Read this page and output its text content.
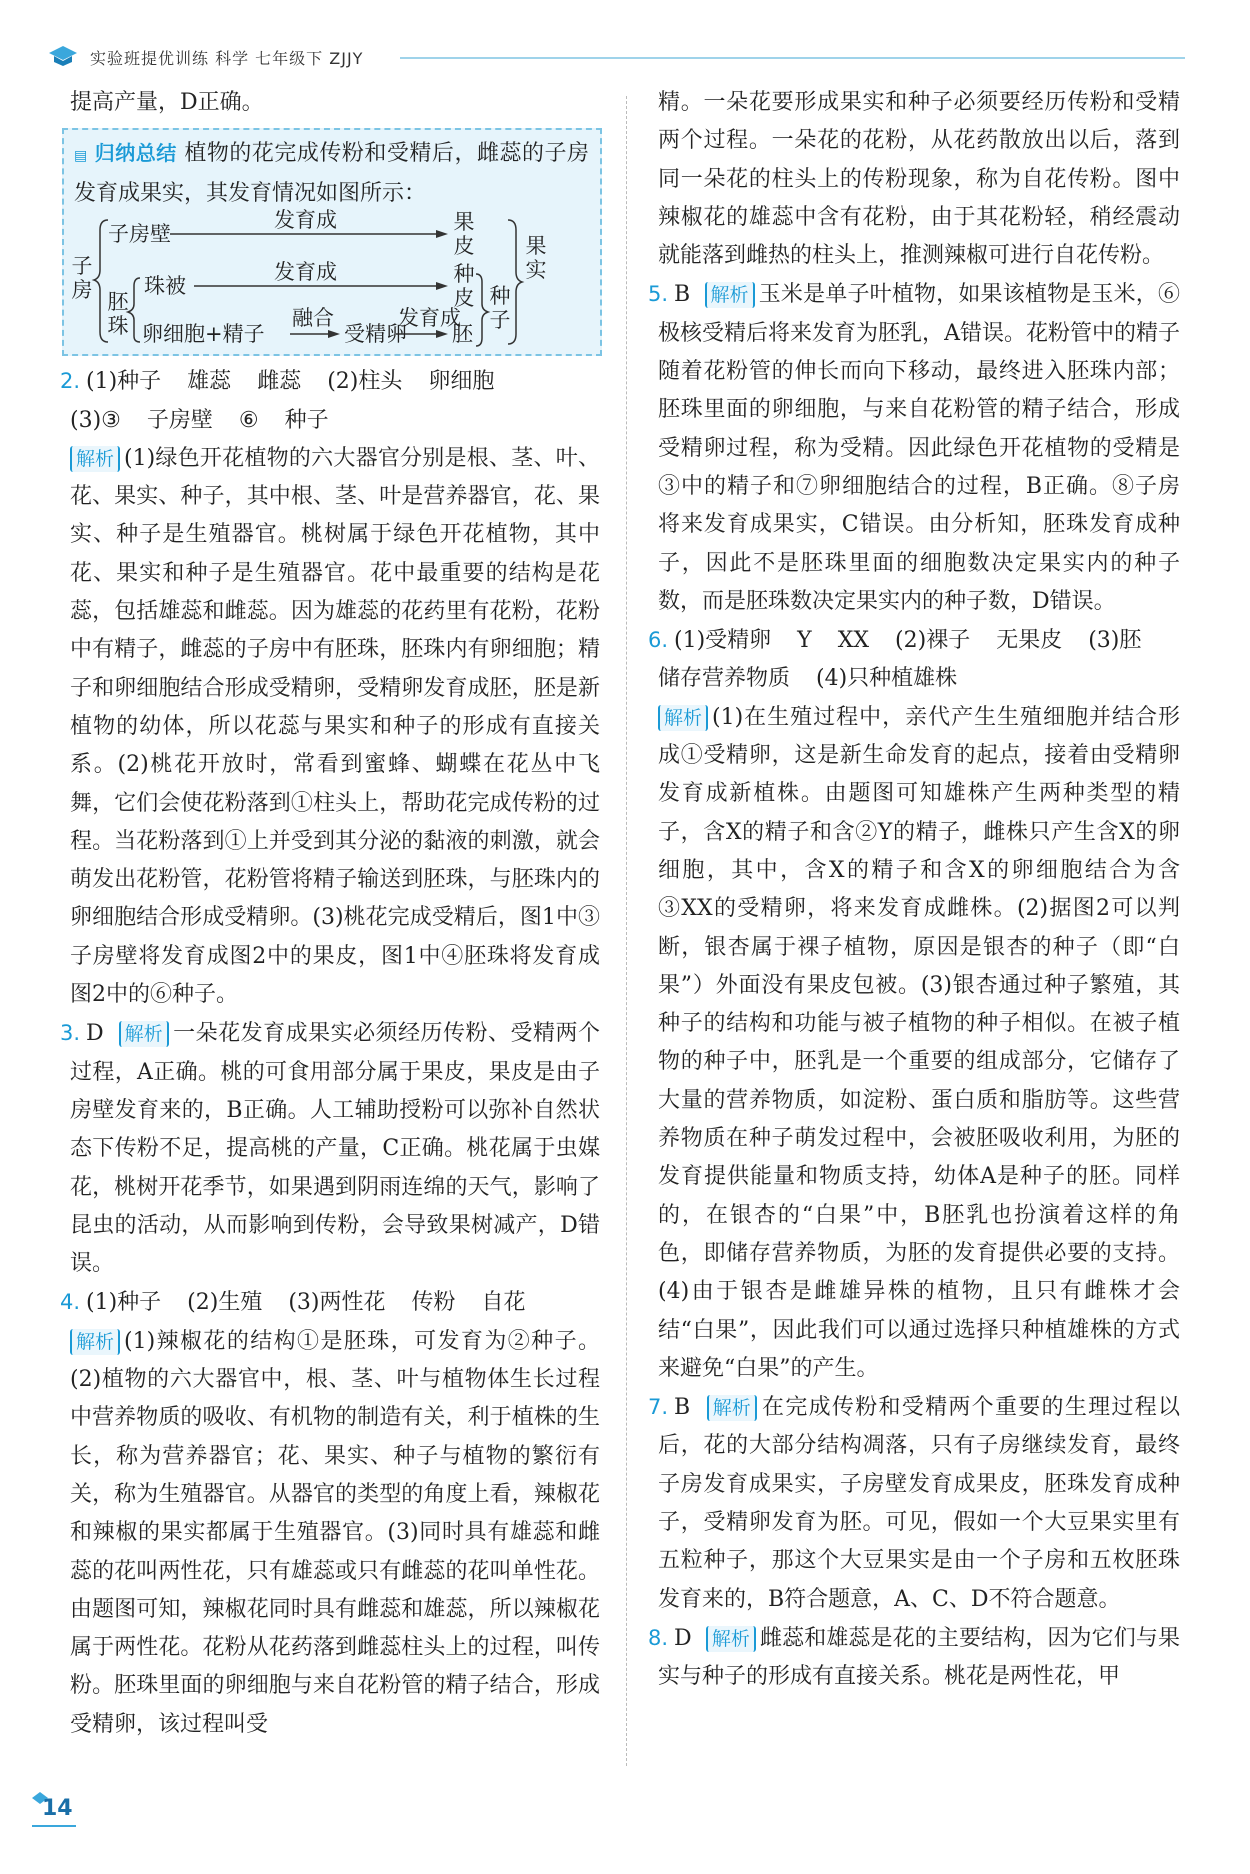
实验班提优训练 科学 七年级下 ZJJY

提高产量，D正确。

▤ 归纳总结 植物的花完成传粉和受精后，雌蕊的子房发育成果实，其发育情况如图所示：
子房
子房壁
发育成	果皮
胚珠
珠被
发育成	种皮
卵细胞+精子
融合
受精卵
发育成
胚
种子
果实

2. (1)种子 雄蕊 雌蕊 (2)柱头 卵细胞

(3)③ 子房壁 ⑥ 种子

解析 (1)绿色开花植物的六大器官分别是根、茎、叶、花、果实、种子，其中根、茎、叶是营养器官，花、果实、种子是生殖器官。桃树属于绿色开花植物，其中花、果实和种子是生殖器官。花中最重要的结构是花蕊，包括雄蕊和雌蕊。因为雄蕊的花药里有花粉，花粉中有精子，雌蕊的子房中有胚珠，胚珠内有卵细胞；精子和卵细胞结合形成受精卵，受精卵发育成胚，胚是新植物的幼体，所以花蕊与果实和种子的形成有直接关系。(2)桃花开放时，常看到蜜蜂、蝴蝶在花丛中飞舞，它们会使花粉落到①柱头上，帮助花完成传粉的过程。当花粉落到①上并受到其分泌的黏液的刺激，就会萌发出花粉管，花粉管将精子输送到胚珠，与胚珠内的卵细胞结合形成受精卵。(3)桃花完成受精后，图1中③子房壁将发育成图2中的果皮，图1中④胚珠将发育成图2中的⑥种子。

3. D 解析 一朵花发育成果实必须经历传粉、受精两个过程，A正确。桃的可食用部分属于果皮，果皮是由子房壁发育来的，B正确。人工辅助授粉可以弥补自然状态下传粉不足，提高桃的产量，C正确。桃花属于虫媒花，桃树开花季节，如果遇到阴雨连绵的天气，影响了昆虫的活动，从而影响到传粉，会导致果树减产，D错误。

4. (1)种子 (2)生殖 (3)两性花 传粉 自花

解析 (1)辣椒花的结构①是胚珠，可发育为②种子。(2)植物的六大器官中，根、茎、叶与植物体生长过程中营养物质的吸收、有机物的制造有关，利于植株的生长，称为营养器官；花、果实、种子与植物的繁衍有关，称为生殖器官。从器官的类型的角度上看，辣椒花和辣椒的果实都属于生殖器官。(3)同时具有雄蕊和雌蕊的花叫两性花，只有雄蕊或只有雌蕊的花叫单性花。由题图可知，辣椒花同时具有雌蕊和雄蕊，所以辣椒花属于两性花。花粉从花药落到雌蕊柱头上的过程，叫传粉。胚珠里面的卵细胞与来自花粉管的精子结合，形成受精卵，该过程叫受

精。一朵花要形成果实和种子必须要经历传粉和受精两个过程。一朵花的花粉，从花药散放出以后，落到同一朵花的柱头上的传粉现象，称为自花传粉。图中辣椒花的雄蕊中含有花粉，由于其花粉轻，稍经震动就能落到雌热的柱头上，推测辣椒可进行自花传粉。

5. B 解析 玉米是单子叶植物，如果该植物是玉米，⑥极核受精后将来发育为胚乳，A错误。花粉管中的精子随着花粉管的伸长而向下移动，最终进入胚珠内部；胚珠里面的卵细胞，与来自花粉管的精子结合，形成受精卵过程，称为受精。因此绿色开花植物的受精是③中的精子和⑦卵细胞结合的过程，B正确。⑧子房将来发育成果实，C错误。由分析知，胚珠发育成种子，因此不是胚珠里面的细胞数决定果实内的种子数，而是胚珠数决定果实内的种子数，D错误。

6. (1)受精卵 Y XX (2)裸子 无果皮 (3)胚

储存营养物质 (4)只种植雄株

解析 (1)在生殖过程中，亲代产生生殖细胞并结合形成①受精卵，这是新生命发育的起点，接着由受精卵发育成新植株。由题图可知雄株产生两种类型的精子，含X的精子和含②Y的精子，雌株只产生含X的卵细胞，其中，含X的精子和含X的卵细胞结合为含③XX的受精卵，将来发育成雌株。(2)据图2可以判断，银杏属于裸子植物，原因是银杏的种子（即“白果”）外面没有果皮包被。(3)银杏通过种子繁殖，其种子的结构和功能与被子植物的种子相似。在被子植物的种子中，胚乳是一个重要的组成部分，它储存了大量的营养物质，如淀粉、蛋白质和脂肪等。这些营养物质在种子萌发过程中，会被胚吸收利用，为胚的发育提供能量和物质支持，幼体A是种子的胚。同样的，在银杏的“白果”中，B胚乳也扮演着这样的角色，即储存营养物质，为胚的发育提供必要的支持。(4)由于银杏是雌雄异株的植物，且只有雌株才会结“白果”，因此我们可以通过选择只种植雄株的方式来避免“白果”的产生。

7. B 解析 在完成传粉和受精两个重要的生理过程以后，花的大部分结构凋落，只有子房继续发育，最终子房发育成果实，子房壁发育成果皮，胚珠发育成种子，受精卵发育为胚。可见，假如一个大豆果实里有五粒种子，那这个大豆果实是由一个子房和五枚胚珠发育来的，B符合题意，A、C、D不符合题意。

8. D 解析 雌蕊和雄蕊是花的主要结构，因为它们与果实与种子的形成有直接关系。桃花是两性花，甲

14
